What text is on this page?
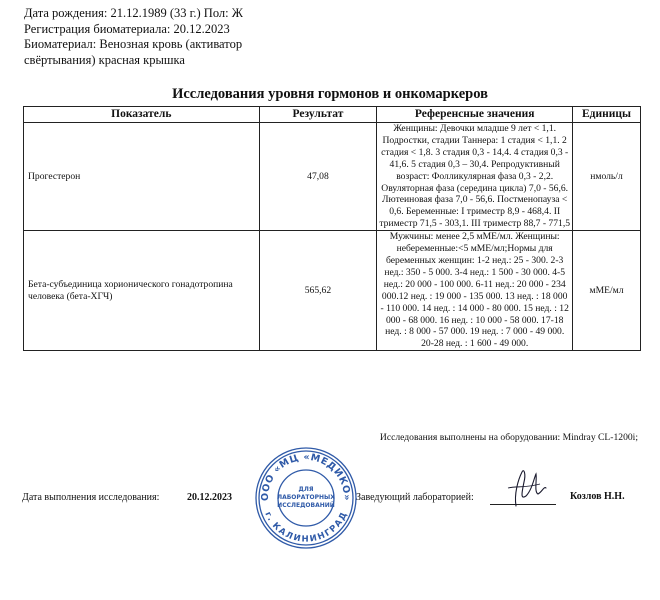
Дата рождения: 21.12.1989 (33 г.) Пол: Ж
Регистрация биоматериала: 20.12.2023
Биоматериал: Венозная кровь (активатор
свёртывания) красная крышка
Исследования уровня гормонов и онкомаркеров
Показатель	Результат	Референсные значения	Единицы
Прогестерон	47,08	Женщины: Девочки младше 9 лет < 1,1. Подростки, стадии Таннера: 1 стадия < 1,1. 2 стадия < 1,8. 3 стадия 0,3 - 14,4. 4 стадия 0,3 - 41,6. 5 стадия 0,3 – 30,4. Репродуктивный возраст: Фолликулярная фаза 0,3 - 2,2. Овуляторная фаза (середина цикла) 7,0 - 56,6. Лютеиновая фаза 7,0 - 56,6. Постменопауза < 0,6. Беременные: I триместр 8,9 - 468,4. II триместр 71,5 - 303,1. III триместр 88,7 - 771,5	нмоль/л
Бета-субъединица хорионического гонадотропина человека (бета-ХГЧ)	565,62	Мужчины: менее 2,5 мМЕ/мл. Женщины: небеременные:<5 мМЕ/мл;Нормы для беременных женщин: 1-2 нед.: 25 - 300. 2-3 нед.: 350 - 5 000. 3-4 нед.: 1 500 - 30 000. 4-5 нед.: 20 000 - 100 000. 6-11 нед.: 20 000 - 234 000.12 нед. : 19 000 - 135 000. 13 нед. : 18 000 - 110 000. 14 нед. : 14 000 - 80 000. 15 нед. : 12 000 - 68 000. 16 нед. : 10 000 - 58 000. 17-18 нед. : 8 000 - 57 000. 19 нед. : 7 000 - 49 000. 20-28 нед. : 1 600 - 49 000.	мМЕ/мл
Исследования выполнены на оборудовании: Mindray CL-1200i;
Дата выполнения исследования:	20.12.2023	Заведующий лабораторией:	Козлов Н.Н.
ООО «МЦ «МЕДИКО»
г. КАЛИНИНГРАД
ДЛЯ
ЛАБОРАТОРНЫХ
ИССЛЕДОВАНИЙ
